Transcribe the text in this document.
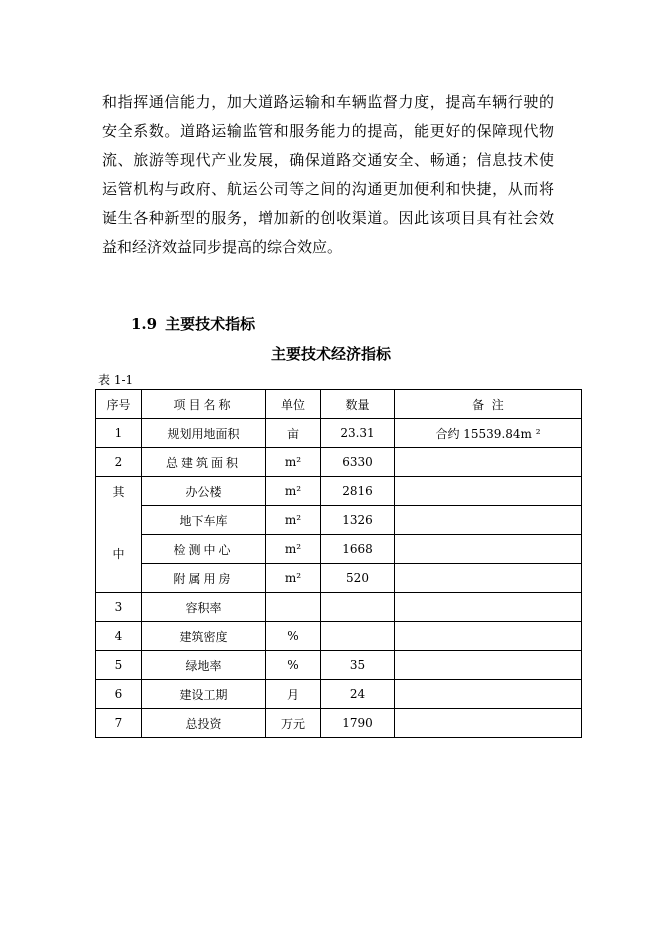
和指挥通信能力，加大道路运输和车辆监督力度，提高车辆行驶的
安全系数。道路运输监管和服务能力的提高，能更好的保障现代物
流、旅游等现代产业发展，确保道路交通安全、畅通；信息技术使
运管机构与政府、航运公司等之间的沟通更加便利和快捷，从而将
诞生各种新型的服务，增加新的创收渠道。因此该项目具有社会效
益和经济效益同步提高的综合效应。
1.9 主要技术指标
主要技术经济指标
表 1-1
序号	项目名称	单位	数量	备  注
1	规划用地面积	亩	23.31	合约 15539.84m ²
2	总建筑面积	m²	6330	

其
中	办公楼	m²	2816	
	地下车库	m²	1326	
	检测中心	m²	1668	
	附属用房	m²	520	
3	容积率			
4	建筑密度	%		
5	绿地率	%	35	
6	建设工期	月	24	
7	总投资	万元	1790	
